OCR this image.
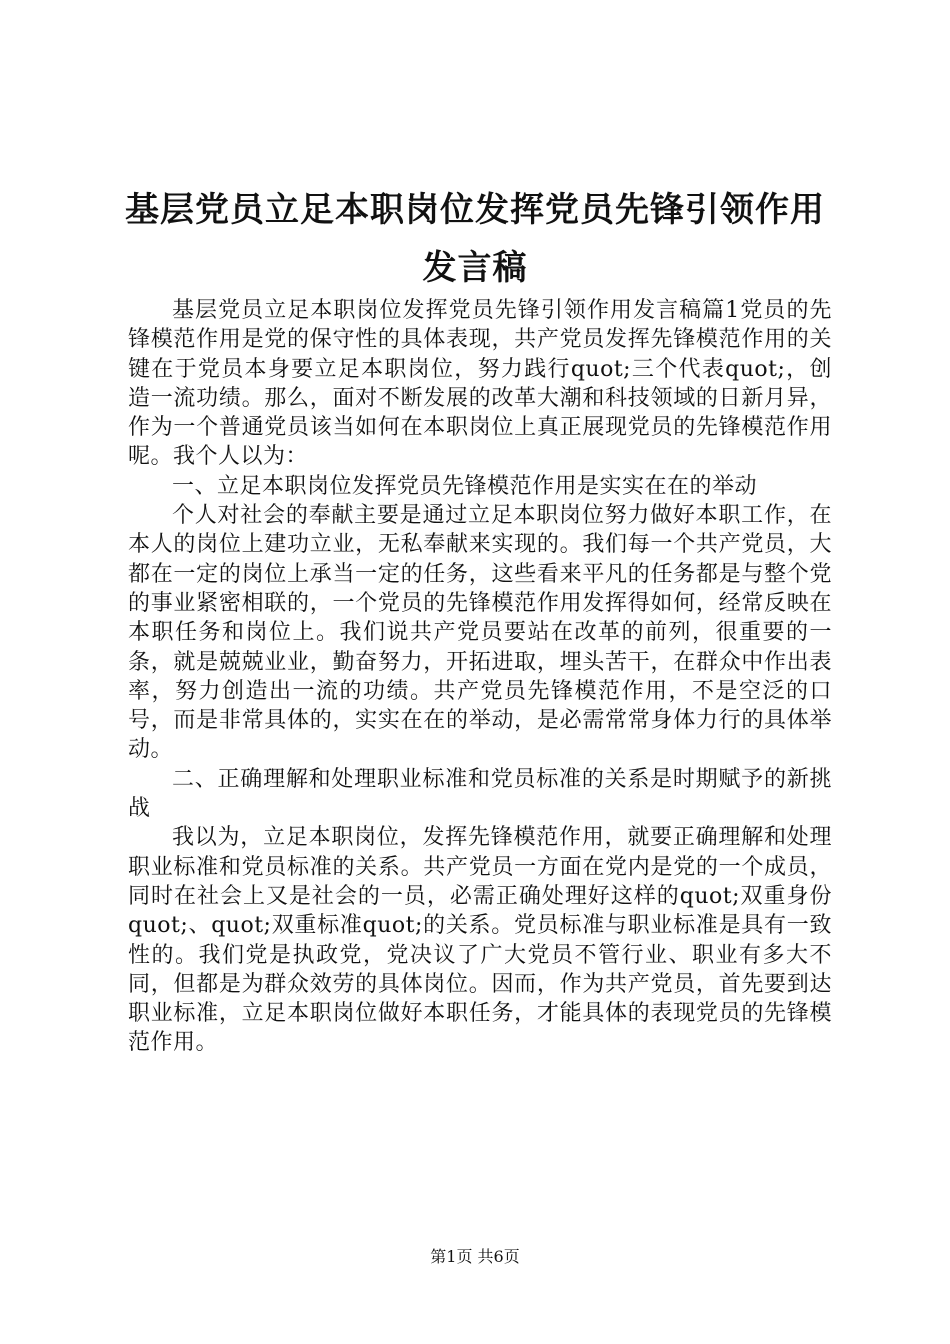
基层党员立足本职岗位发挥党员先锋引领作用
发言稿

基层党员立足本职岗位发挥党员先锋引领作用发言稿篇1党员的先锋模范作用是党的保守性的具体表现，共产党员发挥先锋模范作用的关键在于党员本身要立足本职岗位，努力践行quot;三个代表quot;，创造一流功绩。那么，面对不断发展的改革大潮和科技领域的日新月异，作为一个普通党员该当如何在本职岗位上真正展现党员的先锋模范作用呢。我个人以为：

一、立足本职岗位发挥党员先锋模范作用是实实在在的举动

个人对社会的奉献主要是通过立足本职岗位努力做好本职工作，在本人的岗位上建功立业，无私奉献来实现的。我们每一个共产党员，大都在一定的岗位上承当一定的任务，这些看来平凡的任务都是与整个党的事业紧密相联的，一个党员的先锋模范作用发挥得如何，经常反映在本职任务和岗位上。我们说共产党员要站在改革的前列，很重要的一条，就是兢兢业业，勤奋努力，开拓进取，埋头苦干，在群众中作出表率，努力创造出一流的功绩。共产党员先锋模范作用，不是空泛的口号，而是非常具体的，实实在在的举动，是必需常常身体力行的具体举动。

二、正确理解和处理职业标准和党员标准的关系是时期赋予的新挑战

我以为，立足本职岗位，发挥先锋模范作用，就要正确理解和处理职业标准和党员标准的关系。共产党员一方面在党内是党的一个成员，同时在社会上又是社会的一员，必需正确处理好这样的quot;双重身份quot;、quot;双重标准quot;的关系。党员标准与职业标准是具有一致性的。我们党是执政党，党决议了广大党员不管行业、职业有多大不同，但都是为群众效劳的具体岗位。因而，作为共产党员，首先要到达职业标准，立足本职岗位做好本职任务，才能具体的表现党员的先锋模范作用。

第1页 共6页
